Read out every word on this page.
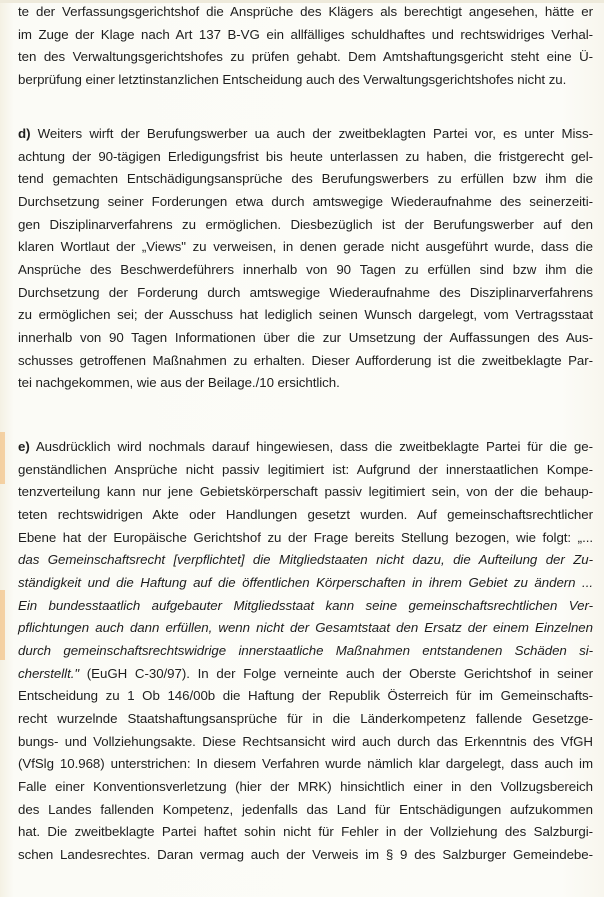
te der Verfassungsgerichtshof die Ansprüche des Klägers als berechtigt angesehen, hätte er
im Zuge der Klage nach Art 137 B-VG ein allfälliges schuldhaftes und rechtswidriges Verhal-
ten des Verwaltungsgerichtshofes zu prüfen gehabt. Dem Amtshaftungsgericht steht eine Ü-
berprüfung einer letztinstanzlichen Entscheidung auch des Verwaltungsgerichtshofes nicht zu.
d) Weiters wirft der Berufungswerber ua auch der zweitbeklagten Partei vor, es unter Miss-
achtung der 90-tägigen Erledigungsfrist bis heute unterlassen zu haben, die fristgerecht gel-
tend gemachten Entschädigungsansprüche des Berufungswerbers zu erfüllen bzw ihm die
Durchsetzung seiner Forderungen etwa durch amtswegige Wiederaufnahme des seinerzeiti-
gen Disziplinarverfahrens zu ermöglichen. Diesbezüglich ist der Berufungswerber auf den
klaren Wortlaut der „Views" zu verweisen, in denen gerade nicht ausgeführt wurde, dass die
Ansprüche des Beschwerdeführers innerhalb von 90 Tagen zu erfüllen sind bzw ihm die
Durchsetzung der Forderung durch amtswegige Wiederaufnahme des Disziplinarverfahrens
zu ermöglichen sei; der Ausschuss hat lediglich seinen Wunsch dargelegt, vom Vertragsstaat
innerhalb von 90 Tagen Informationen über die zur Umsetzung der Auffassungen des Aus-
schusses getroffenen Maßnahmen zu erhalten. Dieser Aufforderung ist die zweitbeklagte Par-
tei nachgekommen, wie aus der Beilage./10 ersichtlich.
e) Ausdrücklich wird nochmals darauf hingewiesen, dass die zweitbeklagte Partei für die ge-
genständlichen Ansprüche nicht passiv legitimiert ist: Aufgrund der innerstaatlichen Kompe-
tenzverteilung kann nur jene Gebietskörperschaft passiv legitimiert sein, von der die behaup-
teten rechtswidrigen Akte oder Handlungen gesetzt wurden. Auf gemeinschaftsrechtlicher
Ebene hat der Europäische Gerichtshof zu der Frage bereits Stellung bezogen, wie folgt: „...
das Gemeinschaftsrecht [verpflichtet] die Mitgliedstaaten nicht dazu, die Aufteilung der Zu-
ständigkeit und die Haftung auf die öffentlichen Körperschaften in ihrem Gebiet zu ändern ...
Ein bundesstaatlich aufgebauter Mitgliedsstaat kann seine gemeinschaftsrechtlichen Ver-
pflichtungen auch dann erfüllen, wenn nicht der Gesamtstaat den Ersatz der einem Einzelnen
durch gemeinschaftsrechtswidrige innerstaatliche Maßnahmen entstandenen Schäden si-
cherstellt." (EuGH C-30/97). In der Folge verneinte auch der Oberste Gerichtshof in seiner
Entscheidung zu 1 Ob 146/00b die Haftung der Republik Österreich für im Gemeinschafts-
recht wurzelnde Staatshaftungsansprüche für in die Länderkompetenz fallende Gesetzge-
bungs- und Vollziehungsakte. Diese Rechtsansicht wird auch durch das Erkenntnis des VfGH
(VfSlg 10.968) unterstrichen: In diesem Verfahren wurde nämlich klar dargelegt, dass auch im
Falle einer Konventionsverletzung (hier der MRK) hinsichtlich einer in den Vollzugsbereich
des Landes fallenden Kompetenz, jedenfalls das Land für Entschädigungen aufzukommen
hat. Die zweitbeklagte Partei haftet sohin nicht für Fehler in der Vollziehung des Salzburgi-
schen Landesrechtes. Daran vermag auch der Verweis im § 9 des Salzburger Gemeindebe-
